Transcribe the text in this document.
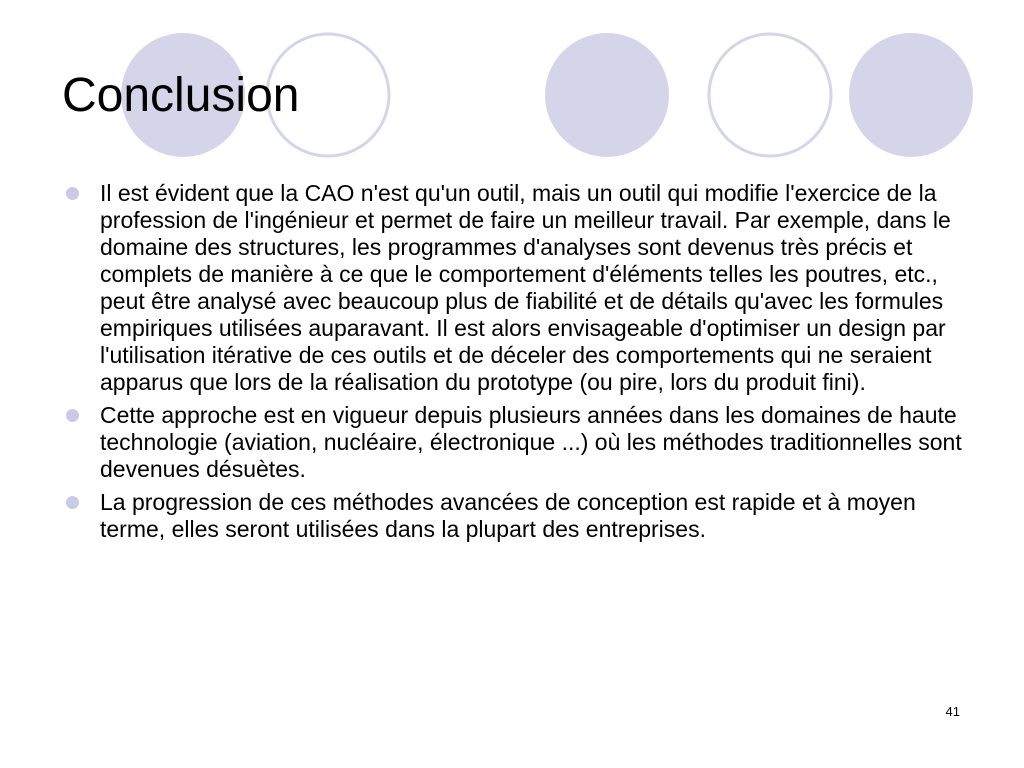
Conclusion
Il est évident que la CAO n'est qu'un outil, mais un outil qui modifie l'exercice de la profession de l'ingénieur et permet de faire un meilleur travail. Par exemple, dans le domaine des structures, les programmes d'analyses sont devenus très précis et complets de manière à ce que le comportement d'éléments telles les poutres, etc., peut être analysé avec beaucoup plus de fiabilité et de détails qu'avec les formules empiriques utilisées auparavant. Il est alors envisageable d'optimiser un design par l'utilisation itérative de ces outils et de déceler des comportements qui ne seraient apparus que lors de la réalisation du prototype (ou pire, lors du produit fini).
Cette approche est en vigueur depuis plusieurs années dans les domaines de haute technologie (aviation, nucléaire, électronique ...) où les méthodes traditionnelles sont devenues désuètes.
La progression de ces méthodes avancées de conception est rapide et à moyen terme, elles seront utilisées dans la plupart des entreprises.
41
